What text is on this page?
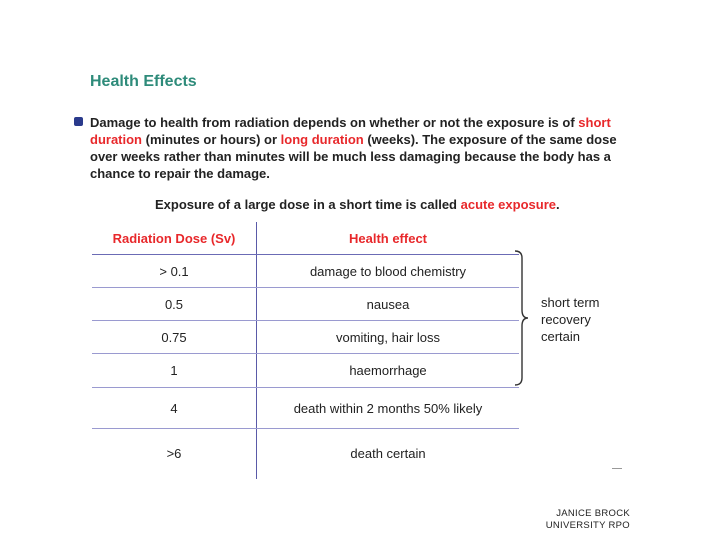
Health Effects
Damage to health from radiation depends on whether or not the exposure is of short duration (minutes or hours) or long duration (weeks). The exposure of the same dose over weeks rather than minutes will be much less damaging because the body has a chance to repair the damage.
Exposure of a large dose in a short time is called acute exposure.
Radiation Dose (Sv)	Health effect
> 0.1	damage to blood chemistry
0.5	nausea
0.75	vomiting, hair loss
1	haemorrhage
4	death within 2 months 50% likely
>6	death certain
short term recovery certain
JANICE BROCK
UNIVERSITY RPO
